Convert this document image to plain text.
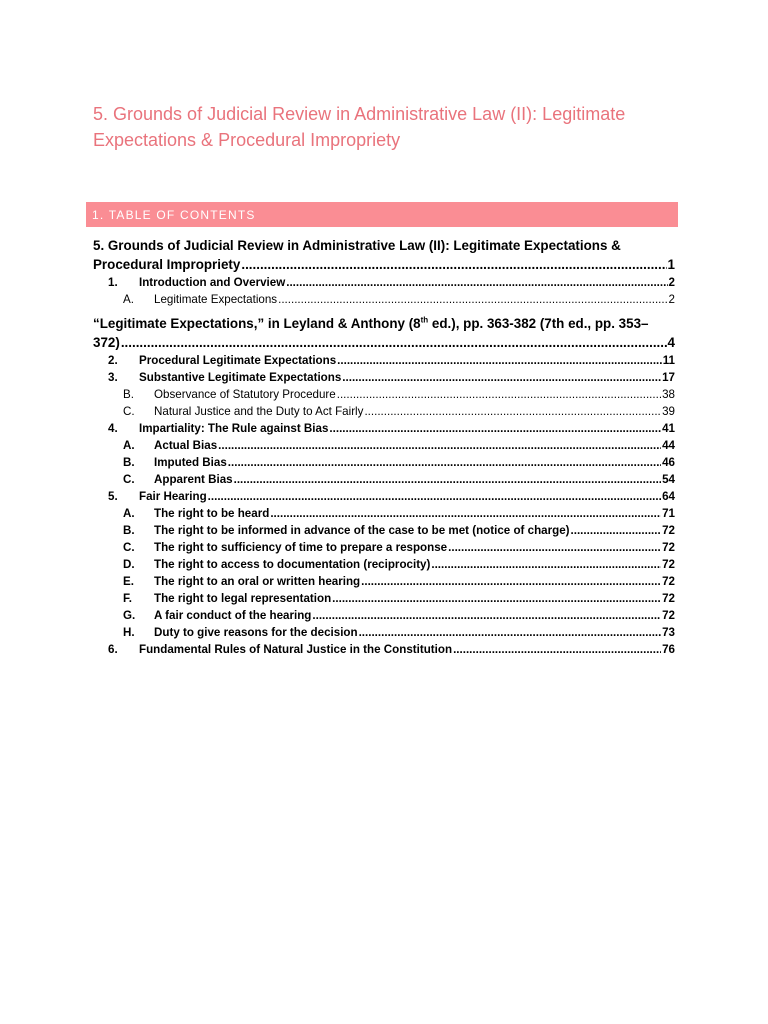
5. Grounds of Judicial Review in Administrative Law (II): Legitimate Expectations & Procedural Impropriety
1. TABLE OF CONTENTS
5. Grounds of Judicial Review in Administrative Law (II): Legitimate Expectations &
Procedural Impropriety .....	1
1.	Introduction and Overview .....	2
A.	Legitimate Expectations .....	2
“Legitimate Expectations,” in Leyland & Anthony (8th ed.), pp. 363-382 (7th ed., pp. 353–
372) .....	4
2.	Procedural Legitimate Expectations .....	11
3.	Substantive Legitimate Expectations .....	17
B.	Observance of Statutory Procedure .....	38
C.	Natural Justice and the Duty to Act Fairly .....	39
4.	Impartiality: The Rule against Bias .....	41
A.	Actual Bias .....	44
B.	Imputed Bias .....	46
C.	Apparent Bias .....	54
5.	Fair Hearing .....	64
A.	The right to be heard .....	71
B.	The right to be informed in advance of the case to be met (notice of charge) .....	72
C.	The right to sufficiency of time to prepare a response .....	72
D.	The right to access to documentation (reciprocity) .....	72
E.	The right to an oral or written hearing .....	72
F.	The right to legal representation .....	72
G.	A fair conduct of the hearing .....	72
H.	Duty to give reasons for the decision .....	73
6.	Fundamental Rules of Natural Justice in the Constitution .....	76
